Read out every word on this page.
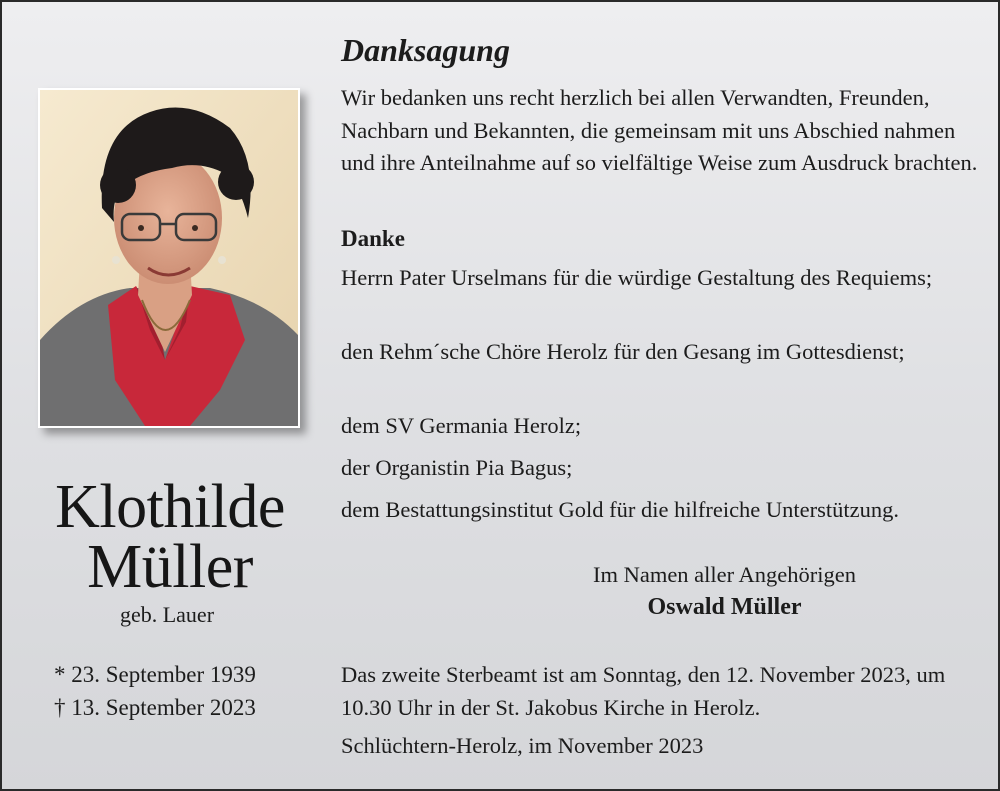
Klothilde
Müller
geb. Lauer
* 23. September 1939
† 13. September 2023
Danksagung
Wir bedanken uns recht herzlich bei allen Verwandten, Freunden, Nachbarn und Bekannten, die gemeinsam mit uns Abschied nahmen und ihre Anteilnahme auf so vielfältige Weise zum Ausdruck brachten.
Danke
Herrn Pater Urselmans für die würdige Gestaltung des Requiems;
den Rehm´sche Chöre Herolz für den Gesang im Gottesdienst;
dem SV Germania Herolz;
der Organistin Pia Bagus;
dem Bestattungsinstitut Gold für die hilfreiche Unterstützung.
Im Namen aller Angehörigen
Oswald Müller
Das zweite Sterbeamt ist am Sonntag, den 12. November 2023, um 10.30 Uhr in der St. Jakobus Kirche in Herolz.
Schlüchtern-Herolz, im November 2023
